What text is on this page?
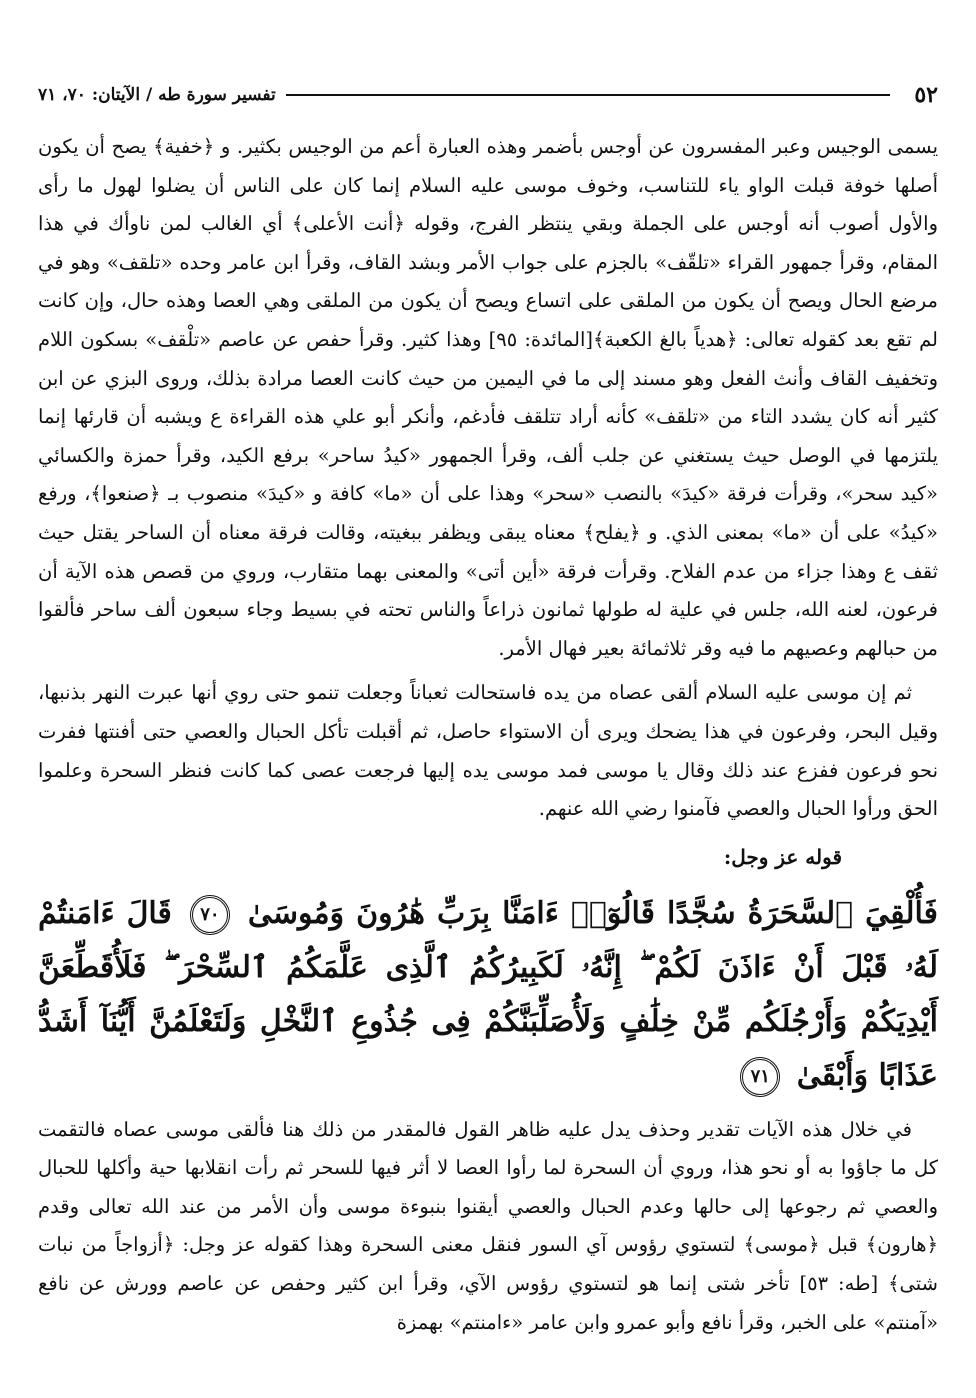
٥٢
تفسير سورة طه / الآيتان: ٧٠، ٧١

يسمى الوجيس وعبر المفسرون عن أوجس بأضمر وهذه العبارة أعم من الوجيس بكثير. و ﴿خفية﴾ يصح أن يكون أصلها خوفة قبلت الواو ياء للتناسب، وخوف موسى عليه السلام إنما كان على الناس أن يضلوا لهول ما رأى والأول أصوب أنه أوجس على الجملة وبقي ينتظر الفرج، وقوله ﴿أنت الأعلى﴾ أي الغالب لمن ناوأك في هذا المقام، وقرأ جمهور القراء «تلقّف» بالجزم على جواب الأمر وبشد القاف، وقرأ ابن عامر وحده «تلقف» وهو في مرضع الحال ويصح أن يكون من الملقى على اتساع ويصح أن يكون من الملقى وهي العصا وهذه حال، وإن كانت لم تقع بعد كقوله تعالى: ﴿هدياً بالغ الكعبة﴾[المائدة: ٩٥] وهذا كثير. وقرأ حفص عن عاصم «تلْقف» بسكون اللام وتخفيف القاف وأنث الفعل وهو مسند إلى ما في اليمين من حيث كانت العصا مرادة بذلك، وروى البزي عن ابن كثير أنه كان يشدد التاء من «تلقف» كأنه أراد تتلقف فأدغم، وأنكر أبو علي هذه القراءة ع ويشبه أن قارئها إنما يلتزمها في الوصل حيث يستغني عن جلب ألف، وقرأ الجمهور «كيدُ ساحر» برفع الكيد، وقرأ حمزة والكسائي «كيد سحر»، وقرأت فرقة «كيدَ» بالنصب «سحر» وهذا على أن «ما» كافة و «كيدَ» منصوب بـ ﴿صنعوا﴾، ورفع «كيدُ» على أن «ما» بمعنى الذي. و ﴿يفلح﴾ معناه يبقى ويظفر ببغيته، وقالت فرقة معناه أن الساحر يقتل حيث ثقف ع وهذا جزاء من عدم الفلاح. وقرأت فرقة «أين أتى» والمعنى بهما متقارب، وروي من قصص هذه الآية أن فرعون، لعنه الله، جلس في علية له طولها ثمانون ذراعاً والناس تحته في بسيط وجاء سبعون ألف ساحر فألقوا من حبالهم وعصيهم ما فيه وقر ثلاثمائة بعير فهال الأمر.

ثم إن موسى عليه السلام ألقى عصاه من يده فاستحالت ثعباناً وجعلت تنمو حتى روي أنها عبرت النهر بذنبها، وقيل البحر، وفرعون في هذا يضحك ويرى أن الاستواء حاصل، ثم أقبلت تأكل الحبال والعصي حتى أفنتها ففرت نحو فرعون ففزع عند ذلك وقال يا موسى فمد موسى يده إليها فرجعت عصى كما كانت فنظر السحرة وعلموا الحق ورأوا الحبال والعصي فآمنوا رضي الله عنهم.

قوله عز وجل:
فَأُلْقِيَ ٱلسَّحَرَةُ سُجَّدًا قَالُوٓا۟ ءَامَنَّا بِرَبِّ هَٰرُونَ وَمُوسَىٰ ٧٠ قَالَ ءَامَنتُمْ لَهُۥ قَبْلَ أَنْ ءَاذَنَ لَكُمْ ۖ إِنَّهُۥ لَكَبِيرُكُمُ ٱلَّذِى عَلَّمَكُمُ ٱلسِّحْرَ ۖ فَلَأُقَطِّعَنَّ أَيْدِيَكُمْ وَأَرْجُلَكُم مِّنْ خِلَٰفٍ وَلَأُصَلِّبَنَّكُمْ فِى جُذُوعِ ٱلنَّخْلِ وَلَتَعْلَمُنَّ أَيُّنَآ أَشَدُّ عَذَابًا وَأَبْقَىٰ ٧١

في خلال هذه الآيات تقدير وحذف يدل عليه ظاهر القول فالمقدر من ذلك هنا فألقى موسى عصاه فالتقمت كل ما جاؤوا به أو نحو هذا، وروي أن السحرة لما رأوا العصا لا أثر فيها للسحر ثم رأت انقلابها حية وأكلها للحبال والعصي ثم رجوعها إلى حالها وعدم الحبال والعصي أيقنوا بنبوءة موسى وأن الأمر من عند الله تعالى وقدم ﴿هارون﴾ قبل ﴿موسى﴾ لتستوي رؤوس آي السور فنقل معنى السحرة وهذا كقوله عز وجل: ﴿أزواجاً من نبات شتى﴾ [طه: ٥٣] تأخر شتى إنما هو لتستوي رؤوس الآي، وقرأ ابن كثير وحفص عن عاصم وورش عن نافع «آمنتم» على الخبر، وقرأ نافع وأبو عمرو وابن عامر «ءامنتم» بهمزة
